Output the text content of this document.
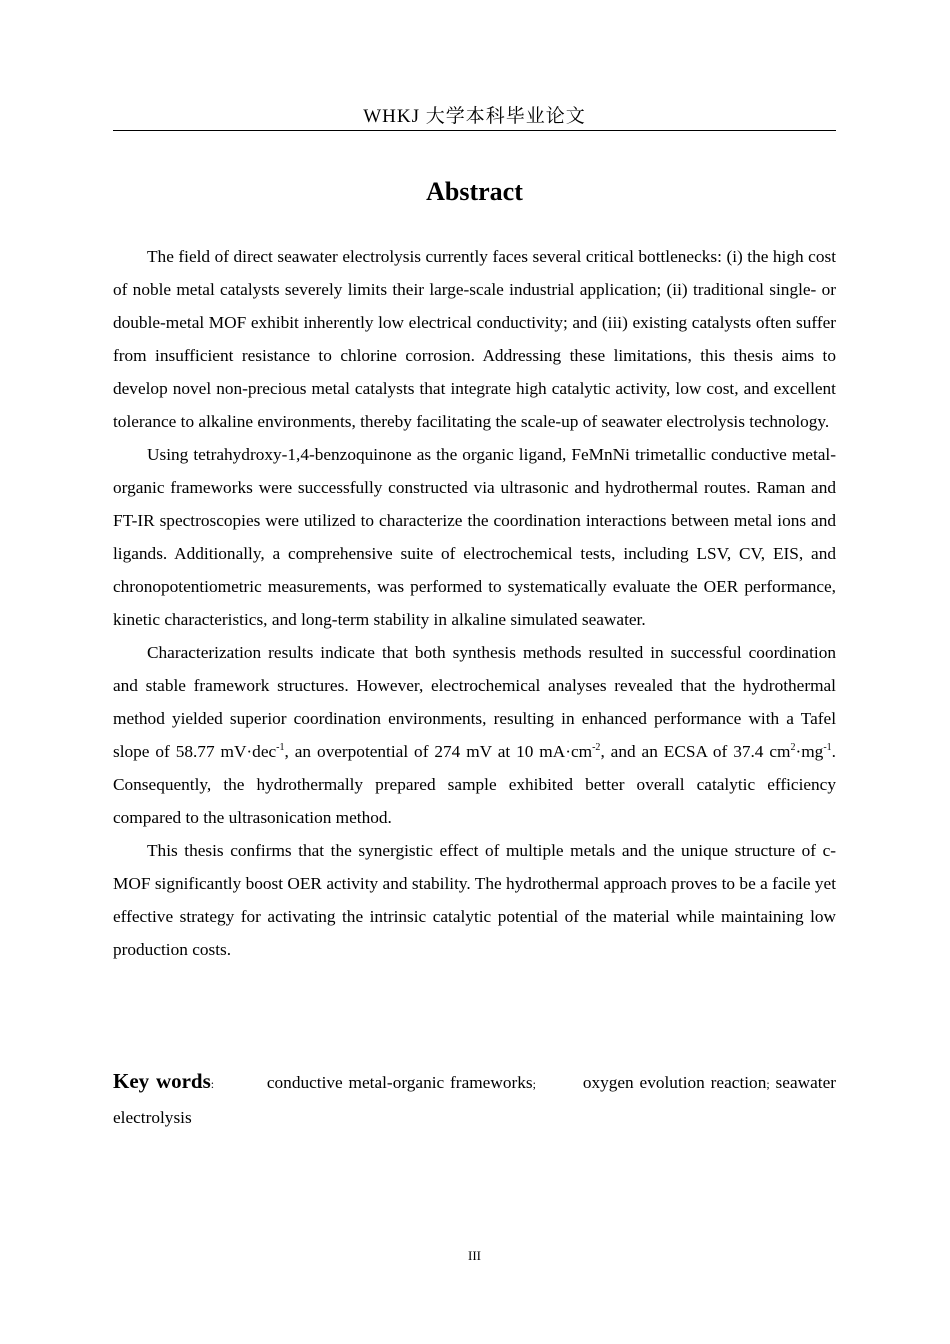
WHKJ 大学本科毕业论文
Abstract

The field of direct seawater electrolysis currently faces several critical bottlenecks: (i) the high cost of noble metal catalysts severely limits their large-scale industrial application; (ii) traditional single- or double-metal MOF exhibit inherently low electrical conductivity; and (iii) existing catalysts often suffer from insufficient resistance to chlorine corrosion. Addressing these limitations, this thesis aims to develop novel non-precious metal catalysts that integrate high catalytic activity, low cost, and excellent tolerance to alkaline environments, thereby facilitating the scale-up of seawater electrolysis technology.

Using tetrahydroxy-1,4-benzoquinone as the organic ligand, FeMnNi trimetallic conductive metal-organic frameworks were successfully constructed via ultrasonic and hydrothermal routes. Raman and FT-IR spectroscopies were utilized to characterize the coordination interactions between metal ions and ligands. Additionally, a comprehensive suite of electrochemical tests, including LSV, CV, EIS, and chronopotentiometric measurements, was performed to systematically evaluate the OER performance, kinetic characteristics, and long-term stability in alkaline simulated seawater.

Characterization results indicate that both synthesis methods resulted in successful coordination and stable framework structures. However, electrochemical analyses revealed that the hydrothermal method yielded superior coordination environments, resulting in enhanced performance with a Tafel slope of 58.77 mV·dec$^{-1}$, an overpotential of 274 mV at 10 $mA\cdot cm^{-2}$, and an ECSA of 37.4 $cm^2\cdot mg^{-1}$. Consequently, the hydrothermally prepared sample exhibited better overall catalytic efficiency compared to the ultrasonication method.

This thesis confirms that the synergistic effect of multiple metals and the unique structure of c-MOF significantly boost OER activity and stability. The hydrothermal approach proves to be a facile yet effective strategy for activating the intrinsic catalytic potential of the material while maintaining low production costs.

Key words:	conductive metal-organic frameworks;	oxygen evolution reaction; seawater electrolysis
III
